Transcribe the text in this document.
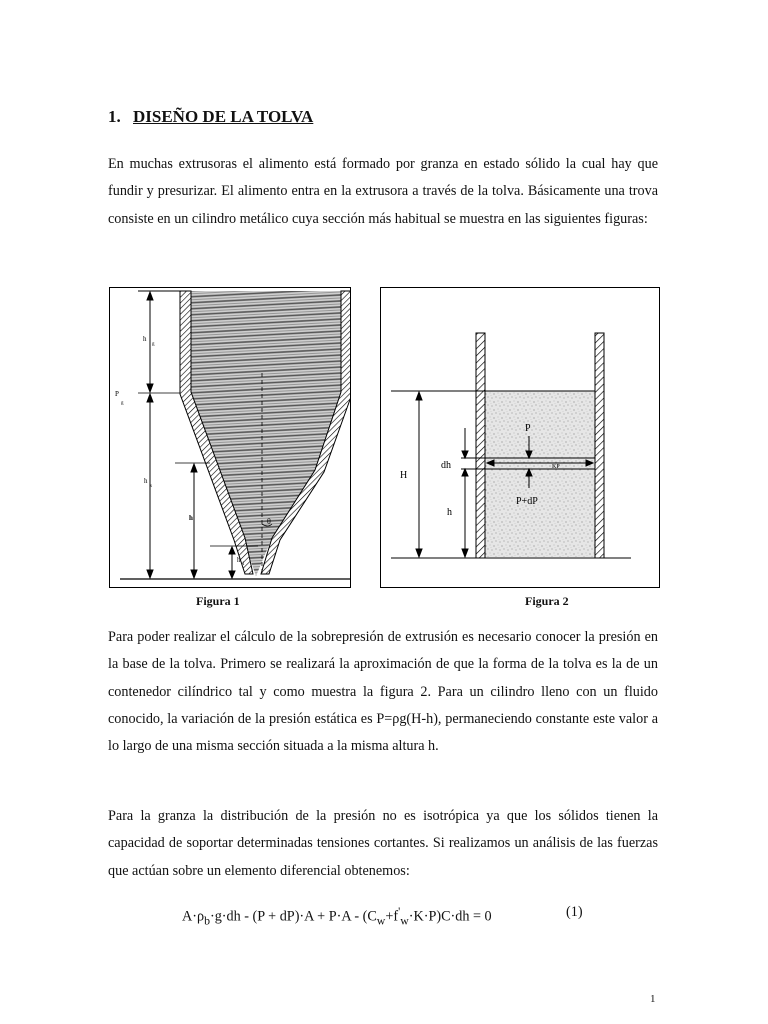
1. DISEÑO DE LA TOLVA

En muchas extrusoras el alimento está formado por granza en estado sólido la cual hay que fundir y presurizar. El alimento entra en la extrusora a través de la tolva. Básicamente una trova consiste en un cilindro metálico cuya sección más habitual se muestra en las siguientes figuras:

h
g
P
g
h
s
h
h
1
θ
H
dh
h
P
P+dP
KP
Figura 1	Figura 2

Para poder realizar el cálculo de la sobrepresión de extrusión es necesario conocer la presión en la base de la tolva. Primero se realizará la aproximación de que la forma de la tolva es la de un contenedor cilíndrico tal y como muestra la figura 2. Para un cilindro lleno con un fluido conocido, la variación de la presión estática es P=ρg(H-h), permaneciendo constante este valor a lo largo de una misma sección situada a la misma altura h.

Para la granza la distribución de la presión no es isotrópica ya que los sólidos tienen la capacidad de soportar determinadas tensiones cortantes. Si realizamos un análisis de las fuerzas que actúan sobre un elemento diferencial obtenemos:

$A\cdot\rho_b\cdot g\cdot dh - (P + dP)\cdot A + P\cdot A - (C_w+f'_w\cdot K\cdot P)C\cdot dh = 0$	(1)
1
